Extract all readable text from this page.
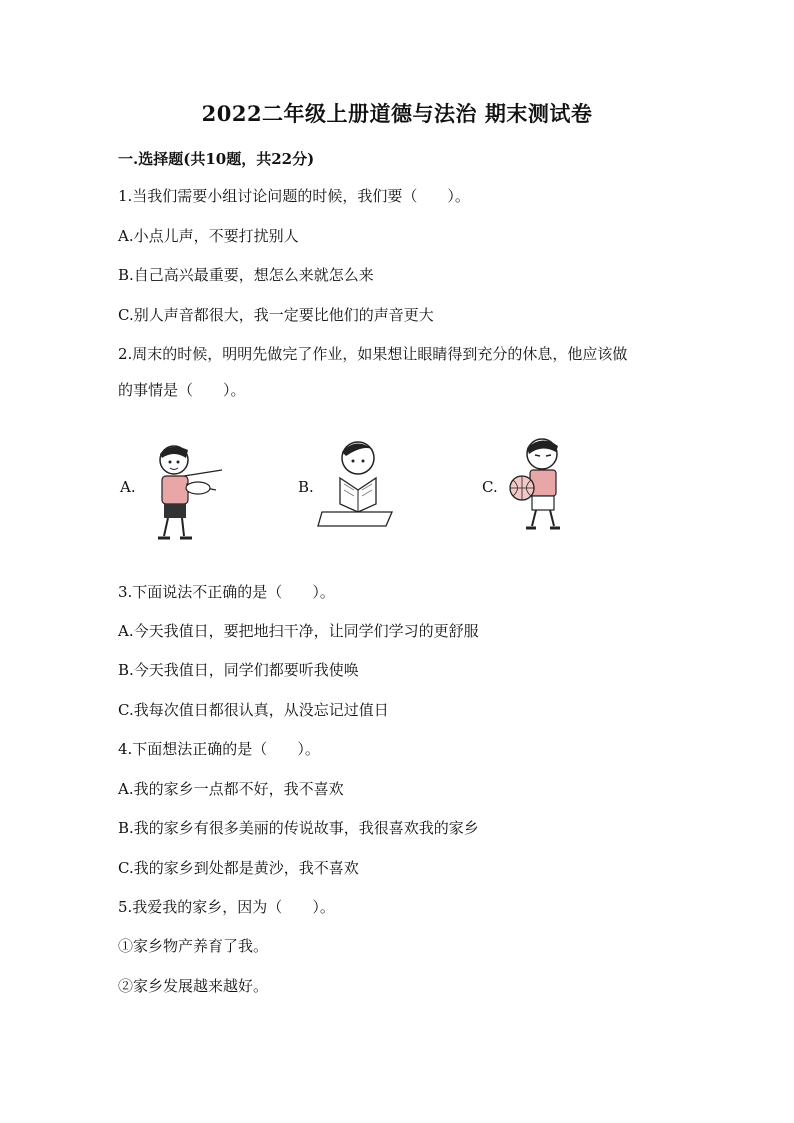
2022二年级上册道德与法治 期末测试卷
一.选择题(共10题，共22分)
1.当我们需要小组讨论问题的时候，我们要（　　）。
A.小点儿声，不要打扰别人
B.自己高兴最重要，想怎么来就怎么来
C.别人声音都很大，我一定要比他们的声音更大
2.周末的时候，明明先做完了作业，如果想让眼睛得到充分的休息，他应该做
的事情是（　　）。
A.	B.	C.
3.下面说法不正确的是（　　）。
A.今天我值日，要把地扫干净，让同学们学习的更舒服
B.今天我值日，同学们都要听我使唤
C.我每次值日都很认真，从没忘记过值日
4.下面想法正确的是（　　）。
A.我的家乡一点都不好，我不喜欢
B.我的家乡有很多美丽的传说故事，我很喜欢我的家乡
C.我的家乡到处都是黄沙，我不喜欢
5.我爱我的家乡，因为（　　）。
①家乡物产养育了我。
②家乡发展越来越好。
